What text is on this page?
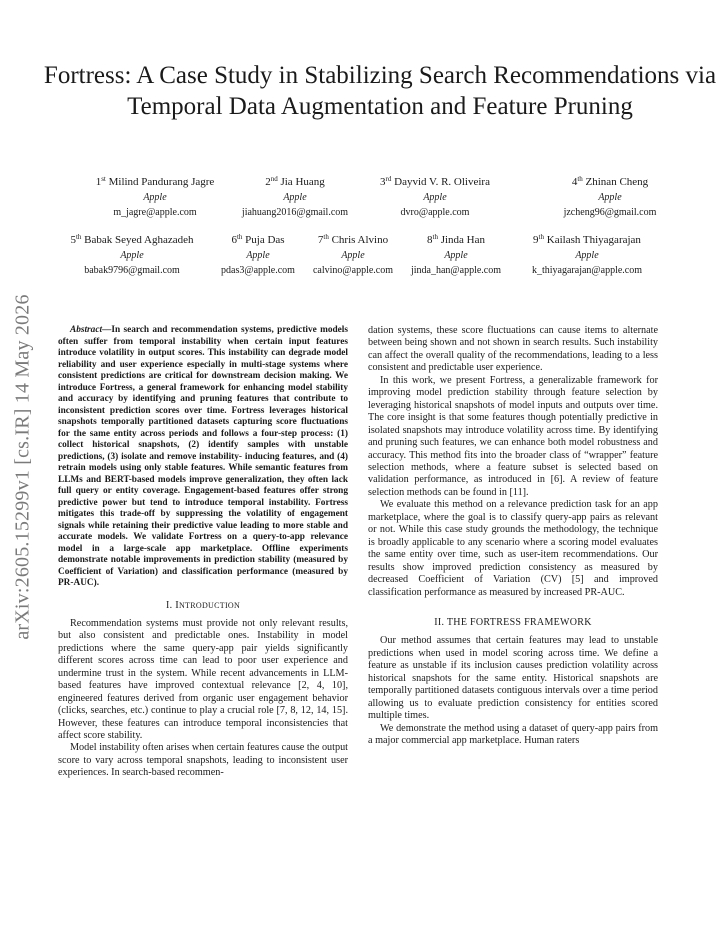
arXiv:2605.15299v1 [cs.IR] 14 May 2026
Fortress: A Case Study in Stabilizing Search Recommendations via Temporal Data Augmentation and Feature Pruning
1st Milind Pandurang Jagre
Apple
m_jagre@apple.com
2nd Jia Huang
Apple
jiahuang2016@gmail.com
3rd Dayvid V. R. Oliveira
Apple
dvro@apple.com
4th Zhinan Cheng
Apple
jzcheng96@gmail.com
5th Babak Seyed Aghazadeh
Apple
babak9796@gmail.com
6th Puja Das
Apple
pdas3@apple.com
7th Chris Alvino
Apple
calvino@apple.com
8th Jinda Han
Apple
jinda_han@apple.com
9th Kailash Thiyagarajan
Apple
k_thiyagarajan@apple.com

Abstract—In search and recommendation systems, predictive models often suffer from temporal instability when certain input features introduce volatility in output scores. This instability can degrade model reliability and user experience especially in multi-stage systems where consistent predictions are critical for downstream decision making. We introduce Fortress, a general framework for enhancing model stability and accuracy by identifying and pruning features that contribute to inconsistent prediction scores over time. Fortress leverages historical snapshots temporally partitioned datasets capturing score fluctuations for the same entity across periods and follows a four-step process: (1) collect historical snapshots, (2) identify samples with unstable predictions, (3) isolate and remove instability- inducing features, and (4) retrain models using only stable features. While semantic features from LLMs and BERT-based models improve generalization, they often lack full query or entity coverage. Engagement-based features offer strong predictive power but tend to introduce temporal instability. Fortress mitigates this trade-off by suppressing the volatility of engagement signals while retaining their predictive value leading to more stable and accurate models. We validate Fortress on a query-to-app relevance model in a large-scale app marketplace. Offline experiments demonstrate notable improvements in prediction stability (measured by Coefficient of Variation) and classification performance (measured by PR-AUC).

I. INTRODUCTION

Recommendation systems must provide not only relevant results, but also consistent and predictable ones. Instability in model predictions where the same query-app pair yields significantly different scores across time can lead to poor user experience and undermine trust in the system. While recent advancements in LLM-based features have improved contextual relevance [2, 4, 10], engineered features derived from organic user engagement behavior (clicks, searches, etc.) continue to play a crucial role [7, 8, 12, 14, 15]. However, these features can introduce temporal inconsistencies that affect score stability.

Model instability often arises when certain features cause the output score to vary across temporal snapshots, leading to inconsistent user experiences. In search-based recommen-

dation systems, these score fluctuations can cause items to alternate between being shown and not shown in search results. Such instability can affect the overall quality of the recommendations, leading to a less consistent and predictable user experience.

In this work, we present Fortress, a generalizable framework for improving model prediction stability through feature selection by leveraging historical snapshots of model inputs and outputs over time. The core insight is that some features though potentially predictive in isolated snapshots may introduce volatility across time. By identifying and pruning such features, we can enhance both model robustness and accuracy. This method fits into the broader class of “wrapper” feature selection methods, where a feature subset is selected based on validation performance, as introduced in [6]. A review of feature selection methods can be found in [11].

We evaluate this method on a relevance prediction task for an app marketplace, where the goal is to classify query-app pairs as relevant or not. While this case study grounds the methodology, the technique is broadly applicable to any scenario where a scoring model evaluates the same entity over time, such as user-item recommendations. Our results show improved prediction consistency as measured by decreased Coefficient of Variation (CV) [5] and improved classification performance as measured by increased PR-AUC.

II. THE FORTRESS FRAMEWORK

Our method assumes that certain features may lead to unstable predictions when used in model scoring across time. We define a feature as unstable if its inclusion causes prediction volatility across historical snapshots for the same entity. Historical snapshots are temporally partitioned datasets contiguous intervals over a time period allowing us to evaluate prediction consistency for entities scored multiple times.

We demonstrate the method using a dataset of query-app pairs from a major commercial app marketplace. Human raters
